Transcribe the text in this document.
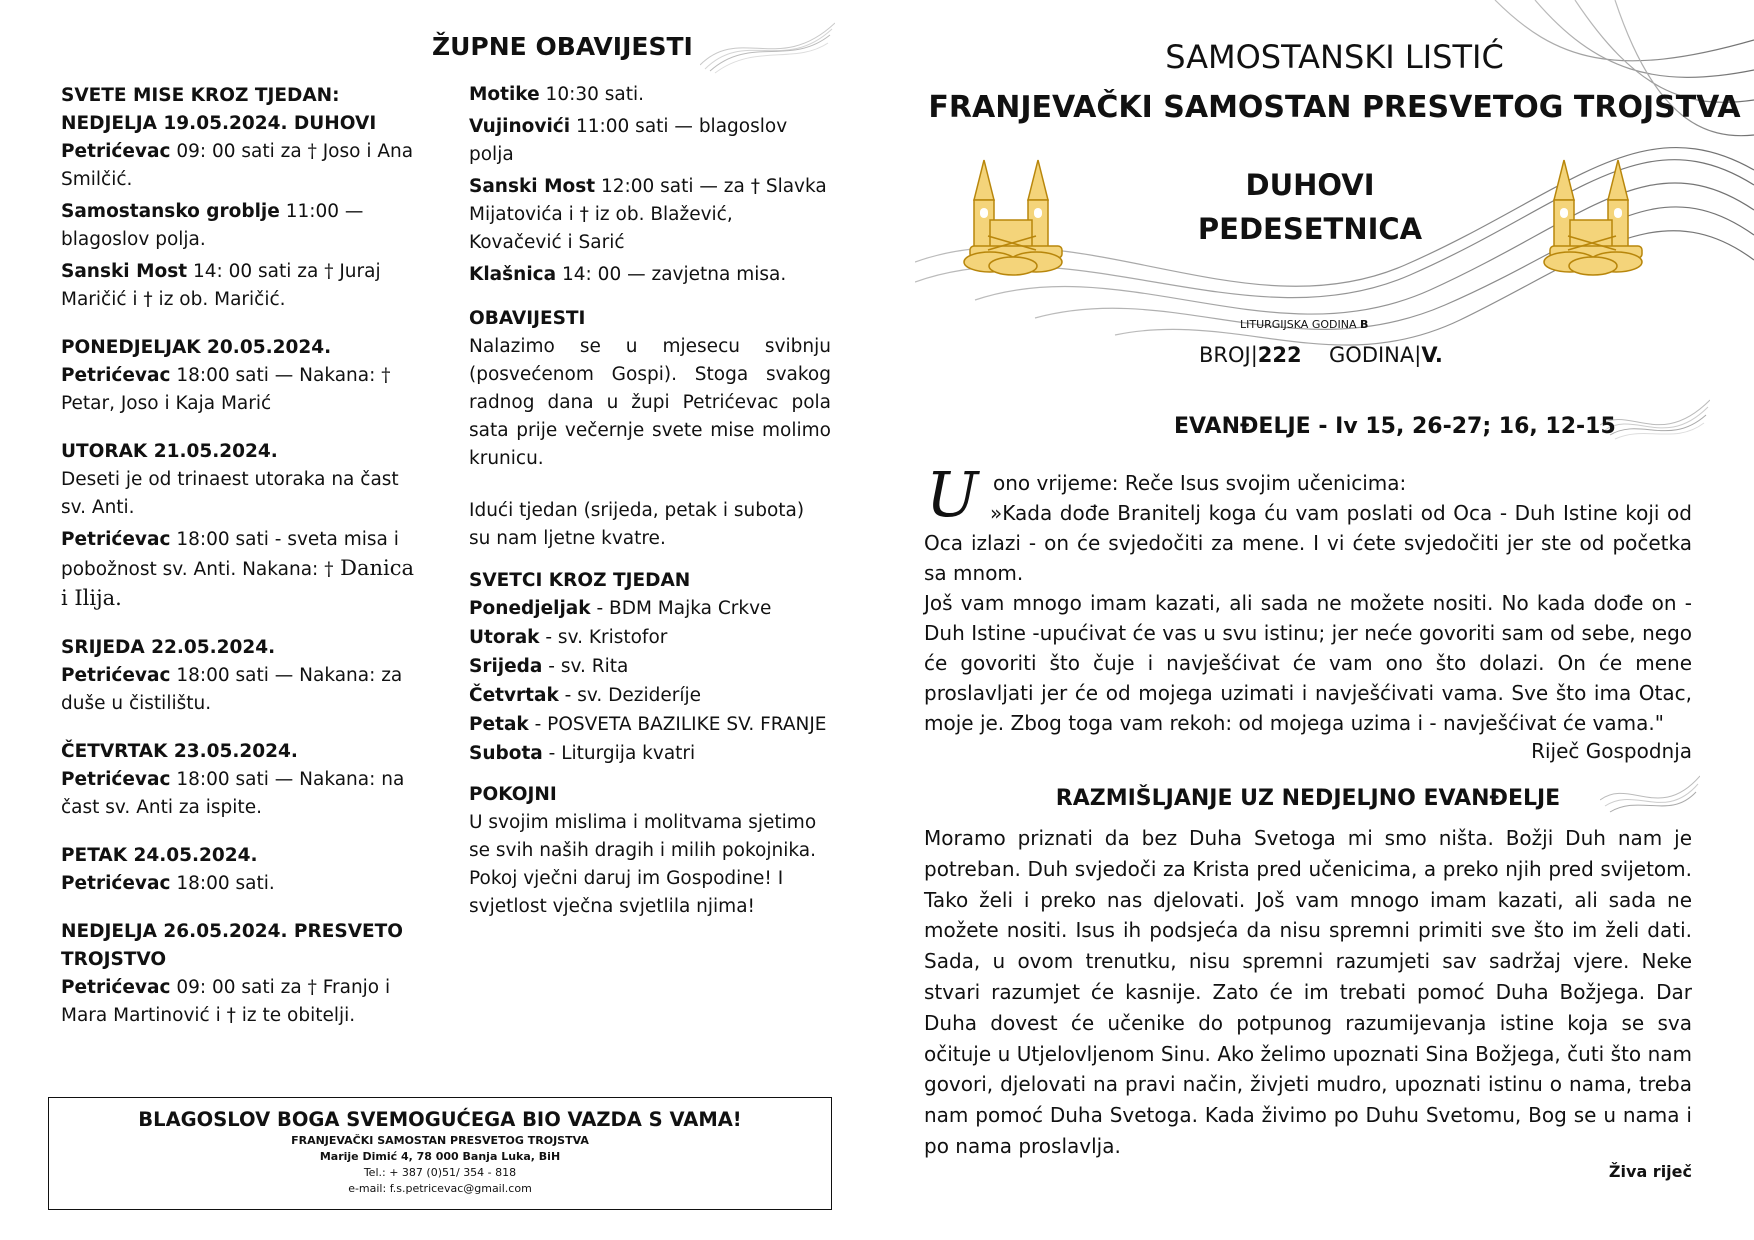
ŽUPNE OBAVIJESTI

SVETE MISE KROZ TJEDAN:

NEDJELJA 19.05.2024. DUHOVI

Petrićevac 09: 00 sati za † Joso i Ana Smilčić.

Samostansko groblje 11:00 — blagoslov polja.

Sanski Most 14: 00 sati za † Juraj Maričić i † iz ob. Maričić.

PONEDJELJAK 20.05.2024.

Petrićevac 18:00 sati — Nakana: † Petar, Joso i Kaja Marić

UTORAK 21.05.2024.

Deseti je od trinaest utoraka na čast sv. Anti.

Petrićevac 18:00 sati - sveta misa i pobožnost sv. Anti. Nakana: † Danica i Ilija.

SRIJEDA 22.05.2024.

Petrićevac 18:00 sati — Nakana: za duše u čistilištu.

ČETVRTAK 23.05.2024.

Petrićevac 18:00 sati — Nakana: na čast sv. Anti za ispite.

PETAK 24.05.2024.

Petrićevac 18:00 sati.

NEDJELJA 26.05.2024. PRESVETO TROJSTVO

Petrićevac 09: 00 sati za † Franjo i Mara Martinović i † iz te obitelji.

Motike 10:30 sati.

Vujinovići 11:00 sati — blagoslov polja

Sanski Most 12:00 sati — za † Slavka Mijatovića i † iz ob. Blažević, Kovačević i Sarić

Klašnica 14: 00 — zavjetna misa.

OBAVIJESTI

Nalazimo se u mjesecu svibnju (posvećenom Gospi). Stoga svakog radnog dana u župi Petrićevac pola sata prije večernje svete mise molimo krunicu.

Idući tjedan (srijeda, petak i subota) su nam ljetne kvatre.

SVETCI KROZ TJEDAN

Ponedjeljak - BDM Majka Crkve

Utorak - sv. Kristofor

Srijeda - sv. Rita

Četvrtak - sv. Dezideríje

Petak - POSVETA BAZILIKE SV. FRANJE

Subota - Liturgija kvatri

POKOJNI

U svojim mislima i molitvama sjetimo se svih naših dragih i milih pokojnika. Pokoj vječni daruj im Gospodine! I svjetlost vječna svjetlila njima!

BLAGOSLOV BOGA SVEMOGUĆEGA BIO VAZDA S VAMA!
FRANJEVAČKI SAMOSTAN PRESVETOG TROJSTVA
Marije Dimić 4, 78 000 Banja Luka, BiH
Tel.: + 387 (0)51/ 354 - 818
e-mail: f.s.petricevac@gmail.com
SAMOSTANSKI LISTIĆ
FRANJEVAČKI SAMOSTAN PRESVETOG TROJSTVA
DUHOVI
PEDESETNICA
LITURGIJSKA GODINA B
BROJ|222 GODINA|V.
EVANĐELJE - Iv 15, 26-27; 16, 12-15
U ono vrijeme: Reče Isus svojim učenicima:
»Kada dođe Branitelj koga ću vam poslati od Oca - Duh Istine koji od Oca izlazi - on će svjedočiti za mene. I vi ćete svjedočiti jer ste od početka sa mnom.
Još vam mnogo imam kazati, ali sada ne možete nositi. No kada dođe on - Duh Istine -upućivat će vas u svu istinu; jer neće govoriti sam od sebe, nego će govoriti što čuje i navješćivat će vam ono što dolazi. On će mene proslavljati jer će od mojega uzimati i navješćivati vama. Sve što ima Otac, moje je. Zbog toga vam rekoh: od mojega uzima i - navješćivat će vama."
Riječ Gospodnja
RAZMIŠLJANJE UZ NEDJELJNO EVANĐELJE
Moramo priznati da bez Duha Svetoga mi smo ništa. Božji Duh nam je potreban. Duh svjedoči za Krista pred učenicima, a preko njih pred svijetom. Tako želi i preko nas djelovati. Još vam mnogo imam kazati, ali sada ne možete nositi. Isus ih podsjeća da nisu spremni primiti sve što im želi dati. Sada, u ovom trenutku, nisu spremni razumjeti sav sadržaj vjere. Neke stvari razumjet će kasnije. Zato će im trebati pomoć Duha Božjega. Dar Duha dovest će učenike do potpunog razumijevanja istine koja se sva očituje u Utjelovljenom Sinu. Ako želimo upoznati Sina Božjega, čuti što nam govori, djelovati na pravi način, živjeti mudro, upoznati istinu o nama, treba nam pomoć Duha Svetoga. Kada živimo po Duhu Svetomu, Bog se u nama i po nama proslavlja.
Živa riječ
